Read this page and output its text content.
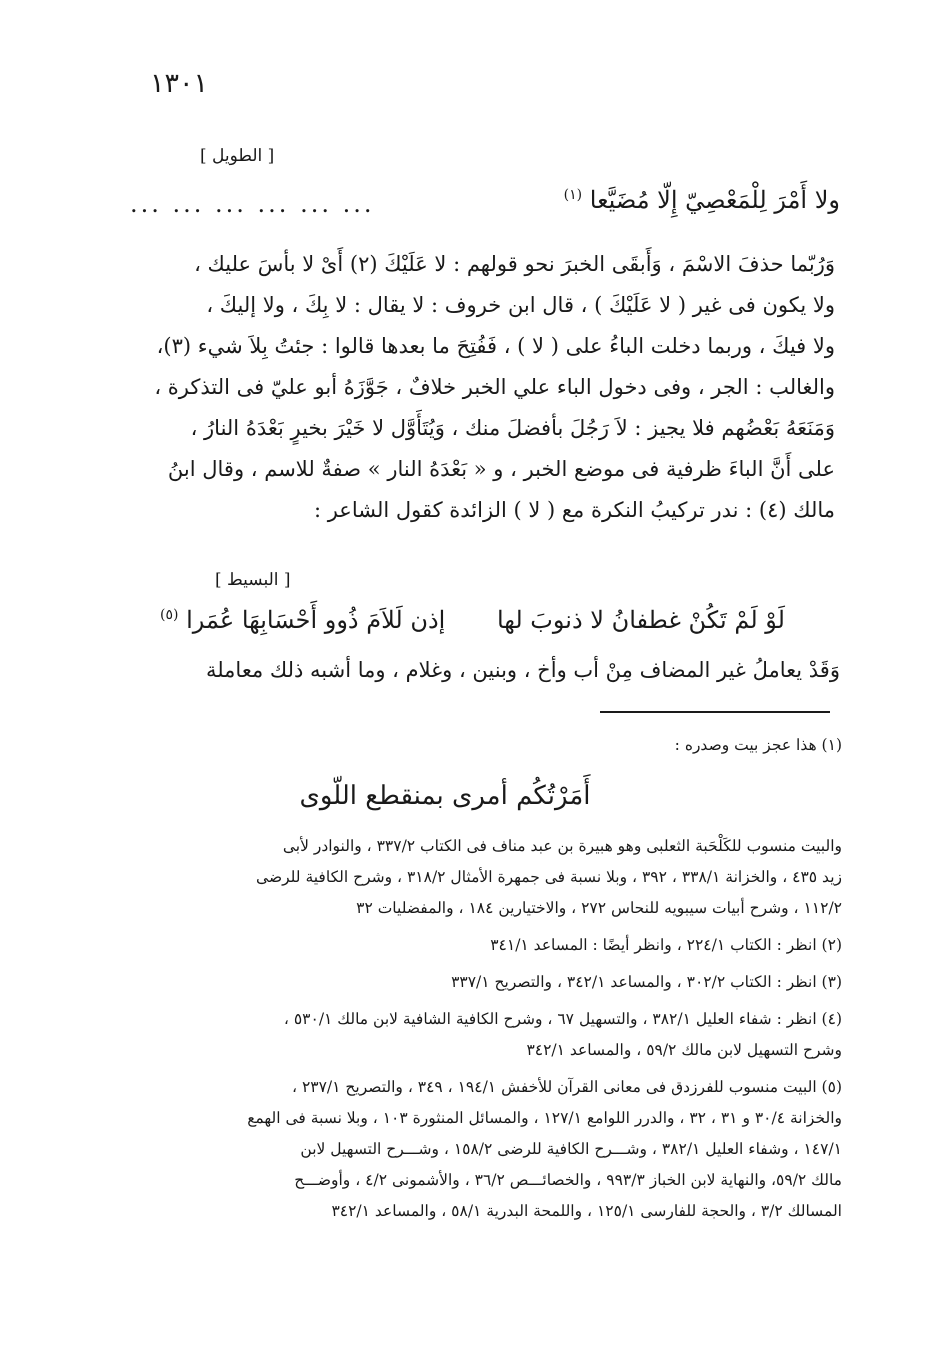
١٣٠١
[ الطويل ]
ولا أَمْرَ لِلْمَعْصِيّ إِلّا مُضَيَّعا $^{(١)}$
... ... ... ... ... ...
وَرُبّما حذفَ الاسْمَ ، وَأَبقَى الخبرَ نحو قولهم : لا عَلَيْكَ (٢) أَىْ لا بأسَ عليك ،
ولا يكون فى غير ( لا عَلَيْكَ ) ، قال ابن خروف : لا يقال : لا بِكَ ، ولا إليكَ ،
ولا فيكَ ، وربما دخلت الباءُ على ( لا ) ، فَفُتِحَ ما بعدها قالوا : جئتُ بِلاَ شيء (٣)،
والغالب : الجر ، وفى دخول الباء علي الخبر خلافٌ ، جَوَّزَهُ أبو عليّ فى التذكرة ،
وَمَنَعَهُ بَعْضُهم فلا يجيز : لاَ رَجُلَ بأفضلَ منك ، وَيُتَأَوَّل لا خَيْرَ بخيرٍ بَعْدَهُ النارُ ،
على أَنَّ الباءَ ظرفية فى موضع الخبر ، و « بَعْدَهُ النار » صفةٌ للاسم ، وقال ابنُ
مالك (٤) : ندر تركيبُ النكرة مع ( لا ) الزائدة كقول الشاعر :
[ البسيط ]
لَوْ لَمْ تَكُنْ غطفانُ لا ذنوبَ لها
إذن لَلاَمَ ذُوو أَحْسَابِهَا عُمَرا $^{(٥)}$
وَقَدْ يعاملُ غير المضاف مِنْ أب وأخ ، وبنين ، وغلام ، وما أشبه ذلك معاملة
(١) هذا عجز بيت وصدره :
أَمَرْتُكُم أمرى بمنقطع اللّوى
والبيت منسوب للكَلْحَبة الثعلبى وهو هبيرة بن عبد مناف فى الكتاب ٣٣٧/٢ ، والنوادر لأبى
زيد ٤٣٥ ، والخزانة ٣٣٨/١ ، ٣٩٢ ، وبلا نسبة فى جمهرة الأمثال ٣١٨/٢ ، وشرح الكافية للرضى
١١٢/٢ ، وشرح أبيات سيبويه للنحاس ٢٧٢ ، والاختيارين ١٨٤ ، والمفضليات ٣٢
(٢) انظر : الكتاب ٢٢٤/١ ، وانظر أيضًا : المساعد ٣٤١/١
(٣) انظر : الكتاب ٣٠٢/٢ ، والمساعد ٣٤٢/١ ، والتصريح ٣٣٧/١
(٤) انظر : شفاء العليل ٣٨٢/١ ، والتسهيل ٦٧ ، وشرح الكافية الشافية لابن مالك ٥٣٠/١ ،
وشرح التسهيل لابن مالك ٥٩/٢ ، والمساعد ٣٤٢/١
(٥) البيت منسوب للفرزدق فى معانى القرآن للأخفش ١٩٤/١ ، ٣٤٩ ، والتصريح ٢٣٧/١ ،
والخزانة ٣٠/٤ و ٣١ ، ٣٢ ، والدرر اللوامع ١٢٧/١ ، والمسائل المنثورة ١٠٣ ، وبلا نسبة فى الهمع
١٤٧/١ ، وشفاء العليل ٣٨٢/١ ، وشـــرح الكافية للرضى ١٥٨/٢ ، وشـــرح التسهيل لابن
مالك ٥٩/٢، والنهاية لابن الخباز ٩٩٣/٣ ، والخصائـــص ٣٦/٢ ، والأشمونى ٤/٢ ، وأوضـــح
المسالك ٣/٢ ، والحجة للفارسى ١٢٥/١ ، واللمحة البدرية ٥٨/١ ، والمساعد ٣٤٢/١
